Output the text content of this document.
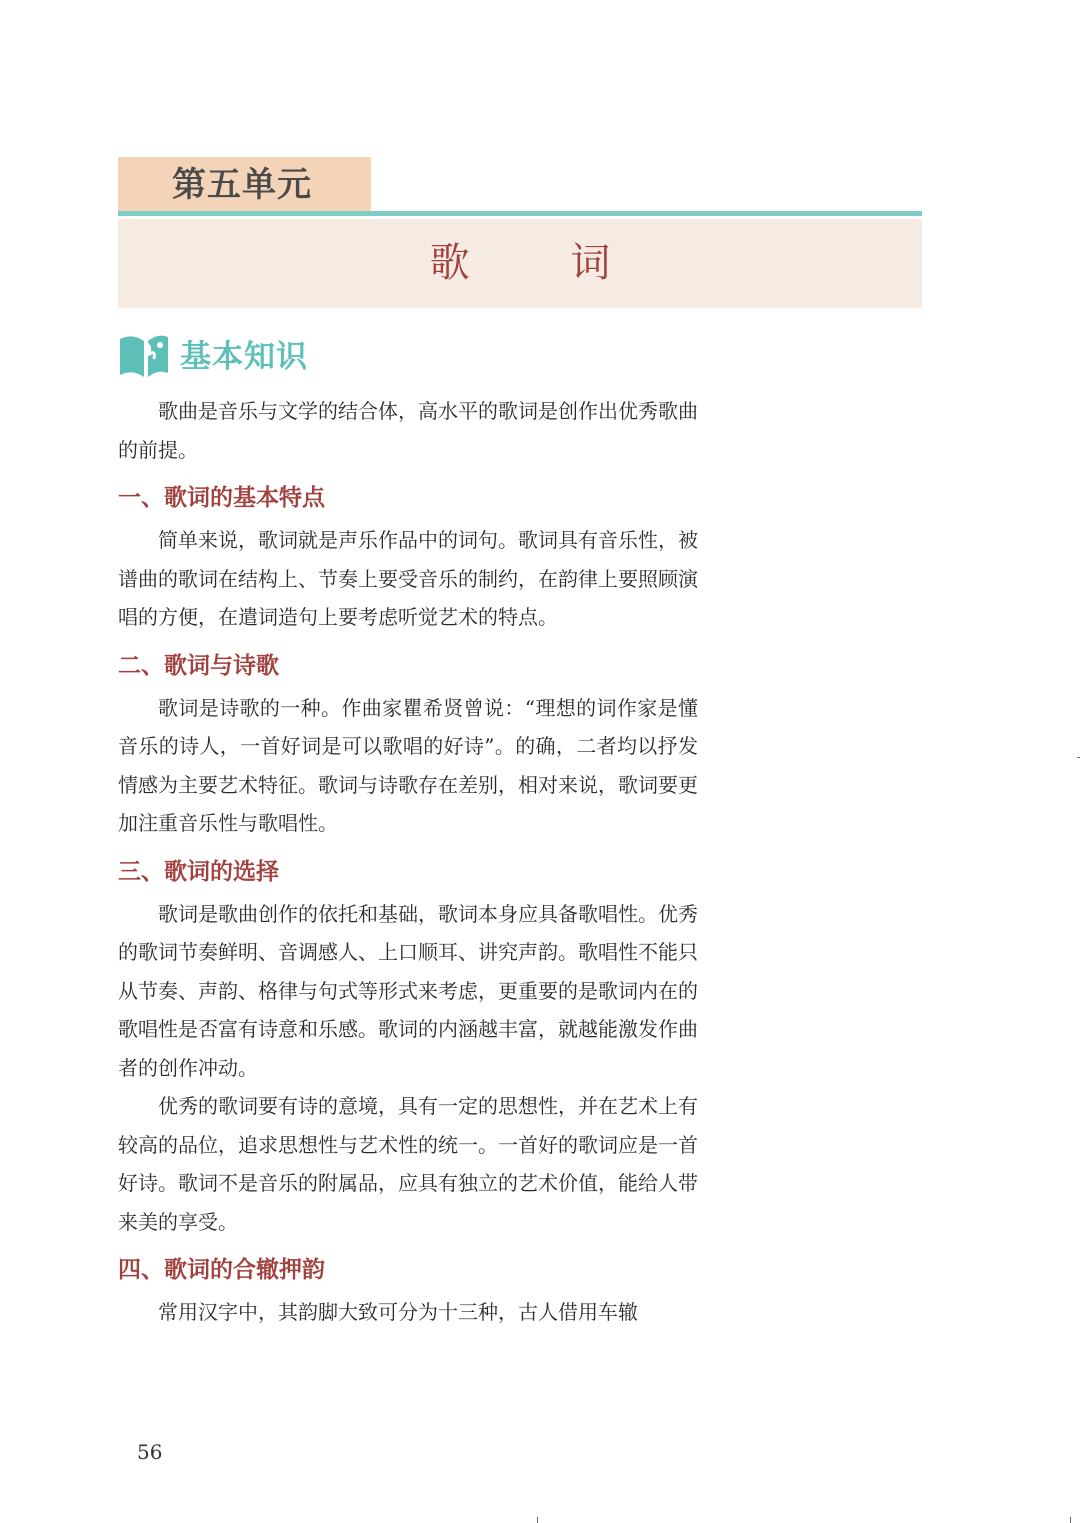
第五单元
歌 词
基本知识

歌曲是音乐与文学的结合体，高水平的歌词是创作出优秀歌曲的前提。

一、歌词的基本特点

简单来说，歌词就是声乐作品中的词句。歌词具有音乐性，被谱曲的歌词在结构上、节奏上要受音乐的制约，在韵律上要照顾演唱的方便，在遣词造句上要考虑听觉艺术的特点。

二、歌词与诗歌

歌词是诗歌的一种。作曲家瞿希贤曾说：“理想的词作家是懂音乐的诗人，一首好词是可以歌唱的好诗”。的确，二者均以抒发情感为主要艺术特征。歌词与诗歌存在差别，相对来说，歌词要更加注重音乐性与歌唱性。

三、歌词的选择

歌词是歌曲创作的依托和基础，歌词本身应具备歌唱性。优秀的歌词节奏鲜明、音调感人、上口顺耳、讲究声韵。歌唱性不能只从节奏、声韵、格律与句式等形式来考虑，更重要的是歌词内在的歌唱性是否富有诗意和乐感。歌词的内涵越丰富，就越能激发作曲者的创作冲动。

优秀的歌词要有诗的意境，具有一定的思想性，并在艺术上有较高的品位，追求思想性与艺术性的统一。一首好的歌词应是一首好诗。歌词不是音乐的附属品，应具有独立的艺术价值，能给人带来美的享受。

四、歌词的合辙押韵

常用汉字中，其韵脚大致可分为十三种，古人借用车辙

56
